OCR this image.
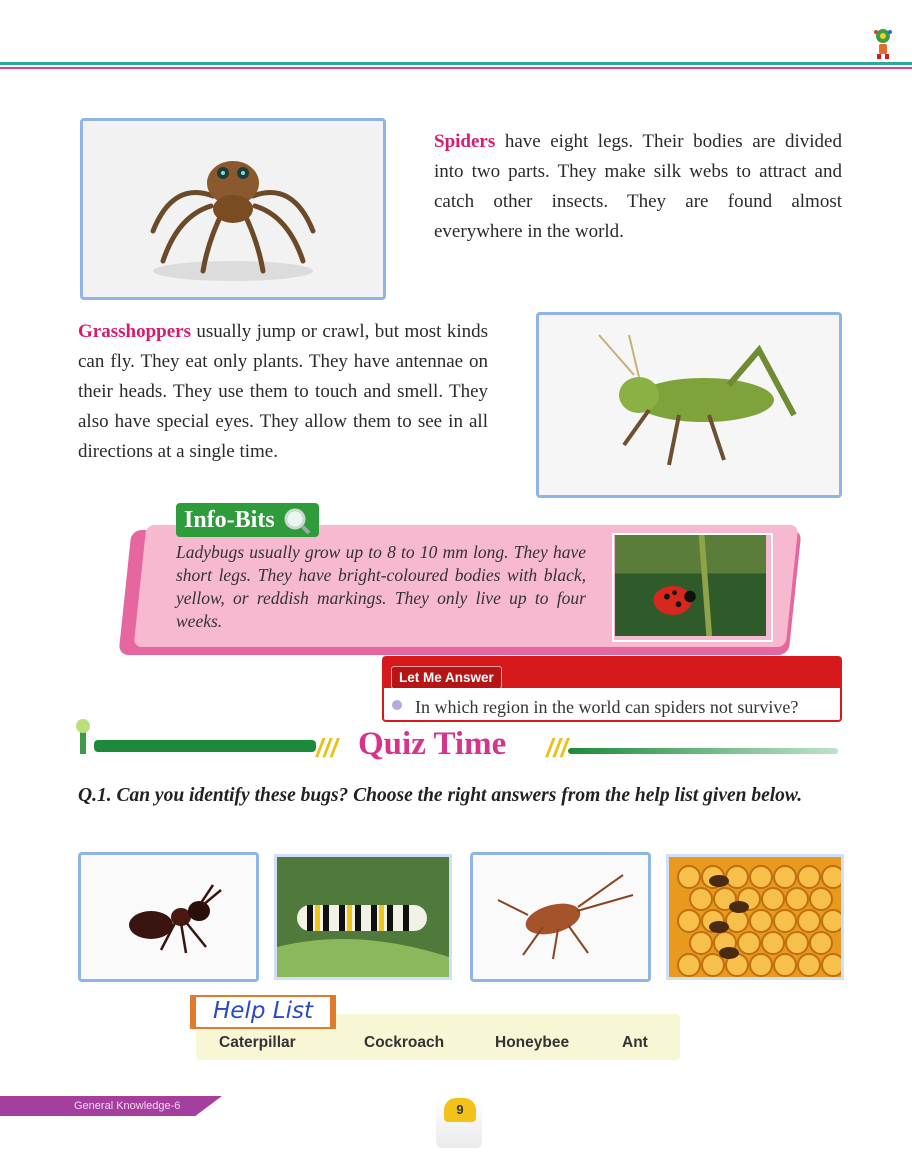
Spiders have eight legs. Their bodies are divided into two parts. They make silk webs to attract and catch other insects. They are found almost everywhere in the world.

Grasshoppers usually jump or crawl, but most kinds can fly. They eat only plants. They have antennae on their heads. They use them to touch and smell. They also have special eyes. They allow them to see in all directions at a single time.

Info-Bits
Ladybugs usually grow up to 8 to 10 mm long. They have short legs. They have bright-coloured bodies with black, yellow, or reddish markings. They only live up to four weeks.
Let Me Answer
In which region in the world can spiders not survive?
/// Quiz Time ///
Q.1. Can you identify these bugs? Choose the right answers from the help list given below.
Help List
Caterpillar	Cockroach	Honeybee	Ant
General Knowledge-6	9
